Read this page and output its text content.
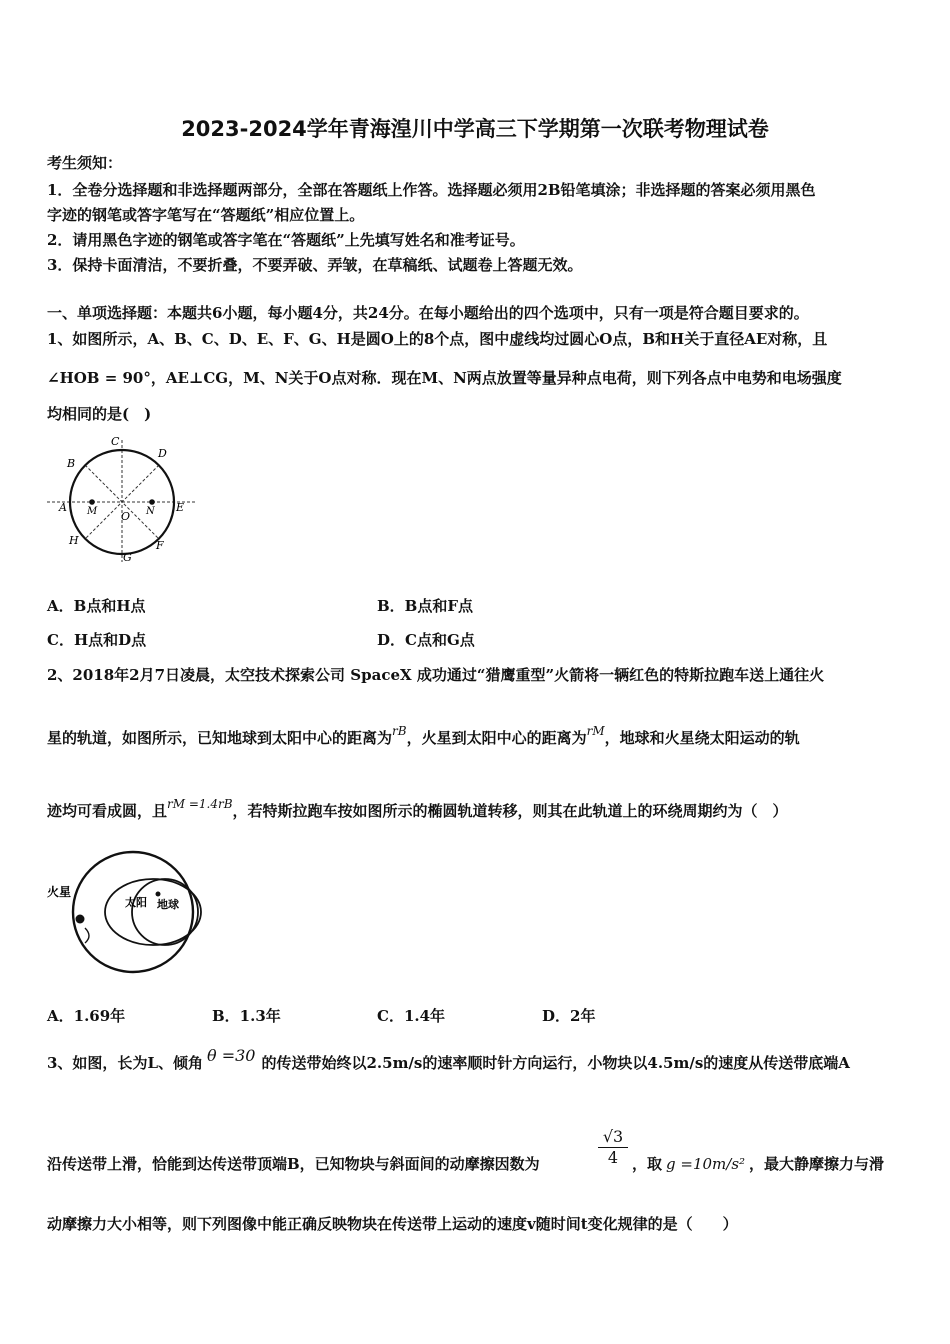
2023-2024学年青海湟川中学高三下学期第一次联考物理试卷
考生须知：
1．全卷分选择题和非选择题两部分，全部在答题纸上作答。选择题必须用2B铅笔填涂；非选择题的答案必须用黑色
字迹的钢笔或答字笔写在“答题纸”相应位置上。
2．请用黑色字迹的钢笔或答字笔在“答题纸”上先填写姓名和准考证号。
3．保持卡面清洁，不要折叠，不要弄破、弄皱，在草稿纸、试题卷上答题无效。
一、单项选择题：本题共6小题，每小题4分，共24分。在每小题给出的四个选项中，只有一项是符合题目要求的。
1、如图所示，A、B、C、D、E、F、G、H是圆O上的8个点，图中虚线均过圆心O点，B和H关于直径AE对称，且
∠HOB = 90°，AE⊥CG，M、N关于O点对称．现在M、N两点放置等量异种点电荷，则下列各点中电势和电场强度
均相同的是(　)
C
D
B
A M O N E
H
G
F
A．B点和H点	B．B点和F点
C．H点和D点	D．C点和G点
2、2018年2月7日凌晨，太空技术探索公司 SpaceX 成功通过“猎鹰重型”火箭将一辆红色的特斯拉跑车送上通往火
星的轨道，如图所示，已知地球到太阳中心的距离为$^{rB}$，火星到太阳中心的距离为$^{rM}$，地球和火星绕太阳运动的轨
迹均可看成圆，且$^{rM =1.4rB}$，若特斯拉跑车按如图所示的椭圆轨道转移，则其在此轨道上的环绕周期约为（　）
火星
太阳 地球
A．1.69年	B．1.3年	C．1.4年	D．2年
3、如图，长为L、倾角 θ =30 的传送带始终以2.5m/s的速率顺时针方向运行，小物块以4.5m/s的速度从传送带底端A
沿传送带上滑，恰能到达传送带顶端B，已知物块与斜面间的动摩擦因数为	$\frac{√3}{4}$ ，取 g =10m/s² ，最大静摩擦力与滑
动摩擦力大小相等，则下列图像中能正确反映物块在传送带上运动的速度v随时间t变化规律的是（　　）
